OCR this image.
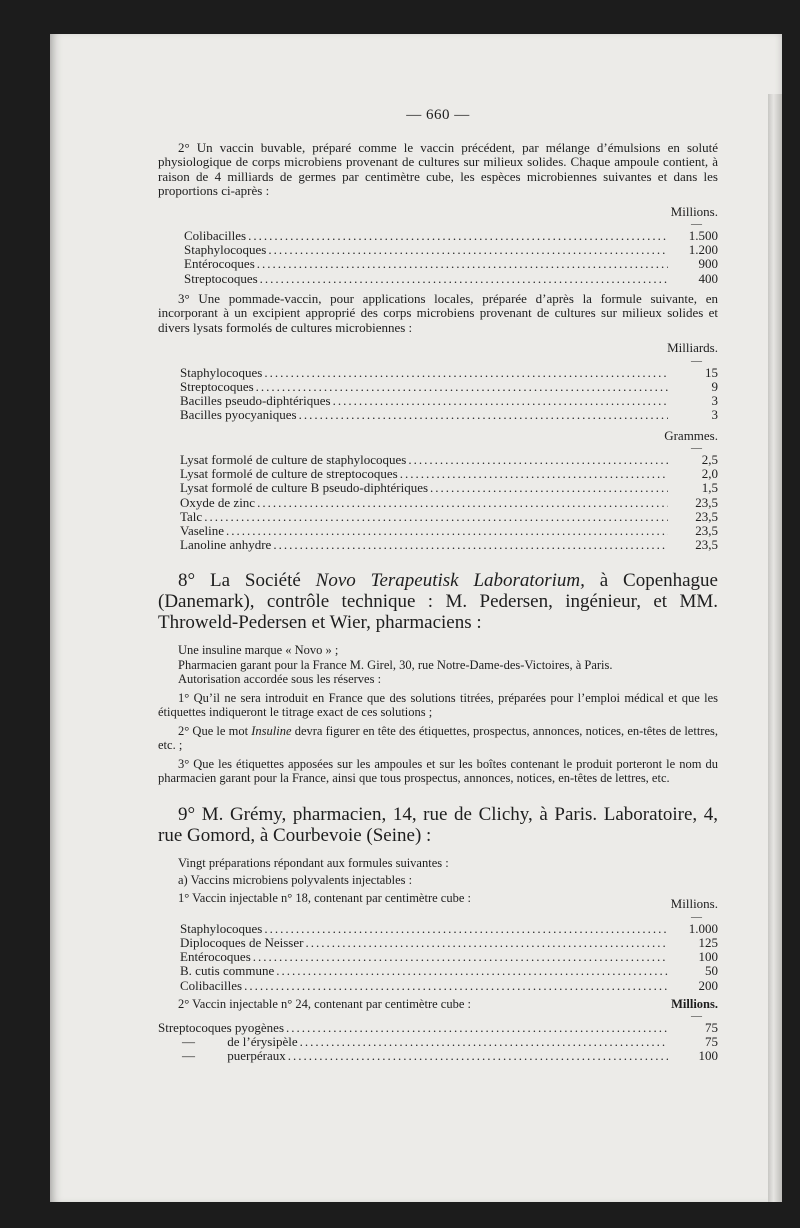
— 660 —

2° Un vaccin buvable, préparé comme le vaccin précédent, par mélange d’émulsions en soluté physiologique de corps microbiens provenant de cultures sur milieux solides. Chaque ampoule contient, à raison de 4 milliards de germes par centimètre cube, les espèces microbiennes suivantes et dans les proportions ci-après :

Millions.
—
Colibacilles .....	1.500
Staphylocoques .....	1.200
Entérocoques .....	900
Streptocoques .....	400

3° Une pommade-vaccin, pour applications locales, préparée d’après la formule suivante, en incorporant à un excipient approprié des corps microbiens provenant de cultures sur milieux solides et divers lysats formolés de cultures microbiennes :

Milliards.
—
Staphylocoques .....	15
Streptocoques .....	9
Bacilles pseudo-diphtériques .....	3
Bacilles pyocyaniques .....	3
Grammes.
—
Lysat formolé de culture de staphylocoques .....	2,5
Lysat formolé de culture de streptocoques .....	2,0
Lysat formolé de culture B pseudo-diphtériques .....	1,5
Oxyde de zinc .....	23,5
Talc .....	23,5
Vaseline .....	23,5
Lanoline anhydre .....	23,5

8° La Société Novo Terapeutisk Laboratorium, à Copenhague (Danemark), contrôle technique : M. Pedersen, ingénieur, et MM. Throweld-Pedersen et Wier, pharmaciens :

Une insuline marque « Novo » ;

Pharmacien garant pour la France M. Girel, 30, rue Notre-Dame-des-Victoires, à Paris.

Autorisation accordée sous les réserves :

1° Qu’il ne sera introduit en France que des solutions titrées, préparées pour l’emploi médical et que les étiquettes indiqueront le titrage exact de ces solutions ;

2° Que le mot Insuline devra figurer en tête des étiquettes, prospectus, annonces, notices, en-têtes de lettres, etc. ;

3° Que les étiquettes apposées sur les ampoules et sur les boîtes contenant le produit porteront le nom du pharmacien garant pour la France, ainsi que tous prospectus, annonces, notices, en-têtes de lettres, etc.

9° M. Grémy, pharmacien, 14, rue de Clichy, à Paris. Laboratoire, 4, rue Gomord, à Courbevoie (Seine) :

Vingt préparations répondant aux formules suivantes :

a) Vaccins microbiens polyvalents injectables :

1° Vaccin injectable n° 18, contenant par centimètre cube :	Millions.
—
Staphylocoques .....	1.000
Diplocoques de Neisser .....	125
Entérocoques .....	100
B. cutis commune .....	50
Colibacilles .....	200
2° Vaccin injectable n° 24, contenant par centimètre cube :	Millions.
—
Streptocoques pyogènes .....	75
— de l’érysipèle .....	75
— puerpéraux .....	100
